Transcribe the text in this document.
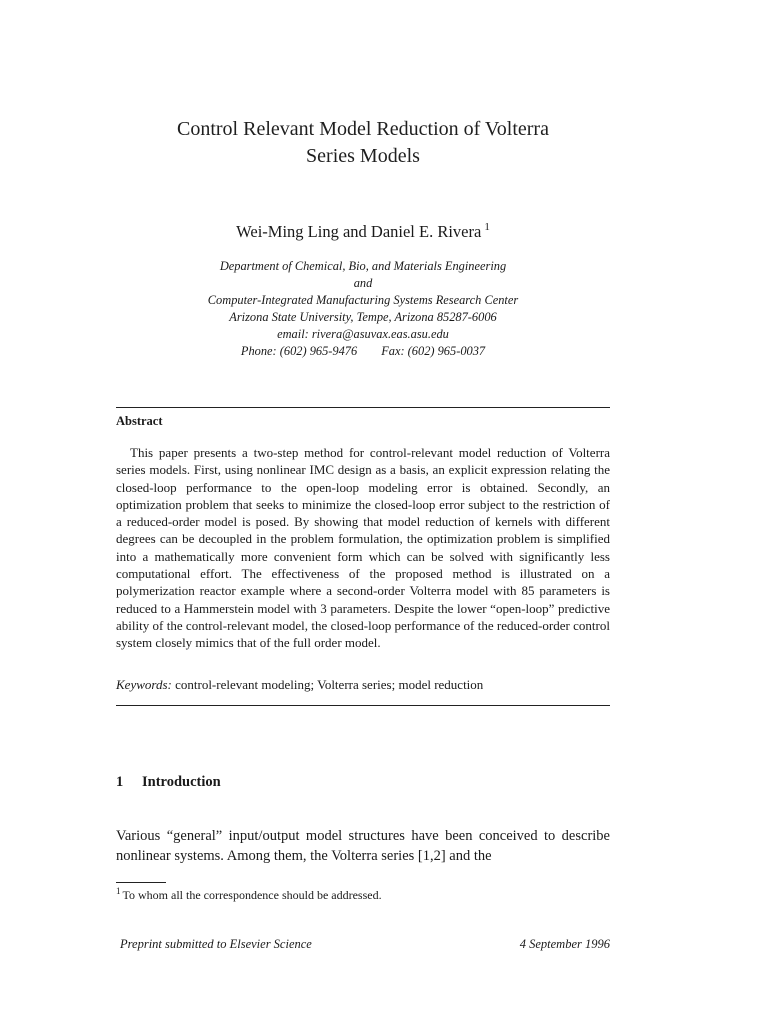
Control Relevant Model Reduction of Volterra
Series Models
Wei-Ming Ling and Daniel E. Rivera $^1$
Department of Chemical, Bio, and Materials Engineering
and
Computer-Integrated Manufacturing Systems Research Center
Arizona State University, Tempe, Arizona 85287-6006
email: rivera@asuvax.eas.asu.edu
Phone: (602) 965-9476 Fax: (602) 965-0037
Abstract

This paper presents a two-step method for control-relevant model reduction of Volterra series models. First, using nonlinear IMC design as a basis, an explicit expression relating the closed-loop performance to the open-loop modeling error is obtained. Secondly, an optimization problem that seeks to minimize the closed-loop error subject to the restriction of a reduced-order model is posed. By showing that model reduction of kernels with different degrees can be decoupled in the problem formulation, the optimization problem is simplified into a mathematically more convenient form which can be solved with significantly less computational effort. The effectiveness of the proposed method is illustrated on a polymerization reactor example where a second-order Volterra model with 85 parameters is reduced to a Hammerstein model with 3 parameters. Despite the lower “open-loop” predictive ability of the control-relevant model, the closed-loop performance of the reduced-order control system closely mimics that of the full order model.

Keywords: control-relevant modeling; Volterra series; model reduction
1 Introduction

Various “general” input/output model structures have been conceived to describe nonlinear systems. Among them, the Volterra series [1,2] and the

$^1$ To whom all the correspondence should be addressed.
Preprint submitted to Elsevier Science	4 September 1996
